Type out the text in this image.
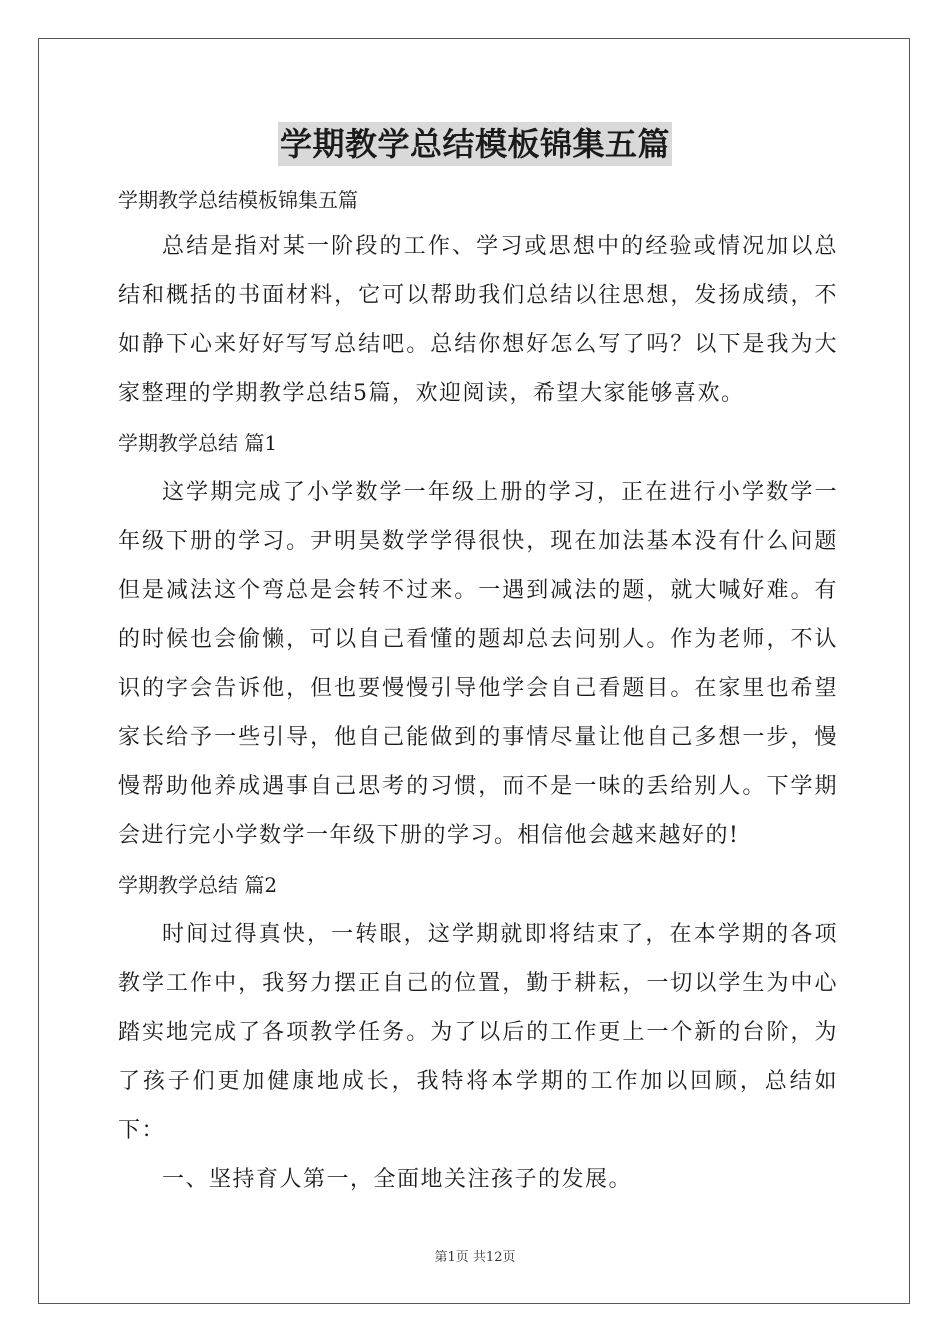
学期教学总结模板锦集五篇
学期教学总结模板锦集五篇

总结是指对某一阶段的工作、学习或思想中的经验或情况加以总结和概括的书面材料，它可以帮助我们总结以往思想，发扬成绩，不如静下心来好好写写总结吧。总结你想好怎么写了吗？以下是我为大家整理的学期教学总结5篇，欢迎阅读，希望大家能够喜欢。

学期教学总结 篇1

这学期完成了小学数学一年级上册的学习，正在进行小学数学一年级下册的学习。尹明昊数学学得很快，现在加法基本没有什么问题但是减法这个弯总是会转不过来。一遇到减法的题，就大喊好难。有的时候也会偷懒，可以自己看懂的题却总去问别人。作为老师，不认识的字会告诉他，但也要慢慢引导他学会自己看题目。在家里也希望家长给予一些引导，他自己能做到的事情尽量让他自己多想一步，慢慢帮助他养成遇事自己思考的习惯，而不是一味的丢给别人。下学期会进行完小学数学一年级下册的学习。相信他会越来越好的!

学期教学总结 篇2

时间过得真快，一转眼，这学期就即将结束了，在本学期的各项教学工作中，我努力摆正自己的位置，勤于耕耘，一切以学生为中心踏实地完成了各项教学任务。为了以后的工作更上一个新的台阶，为了孩子们更加健康地成长，我特将本学期的工作加以回顾，总结如下：

一、坚持育人第一，全面地关注孩子的发展。

第1页 共12页
